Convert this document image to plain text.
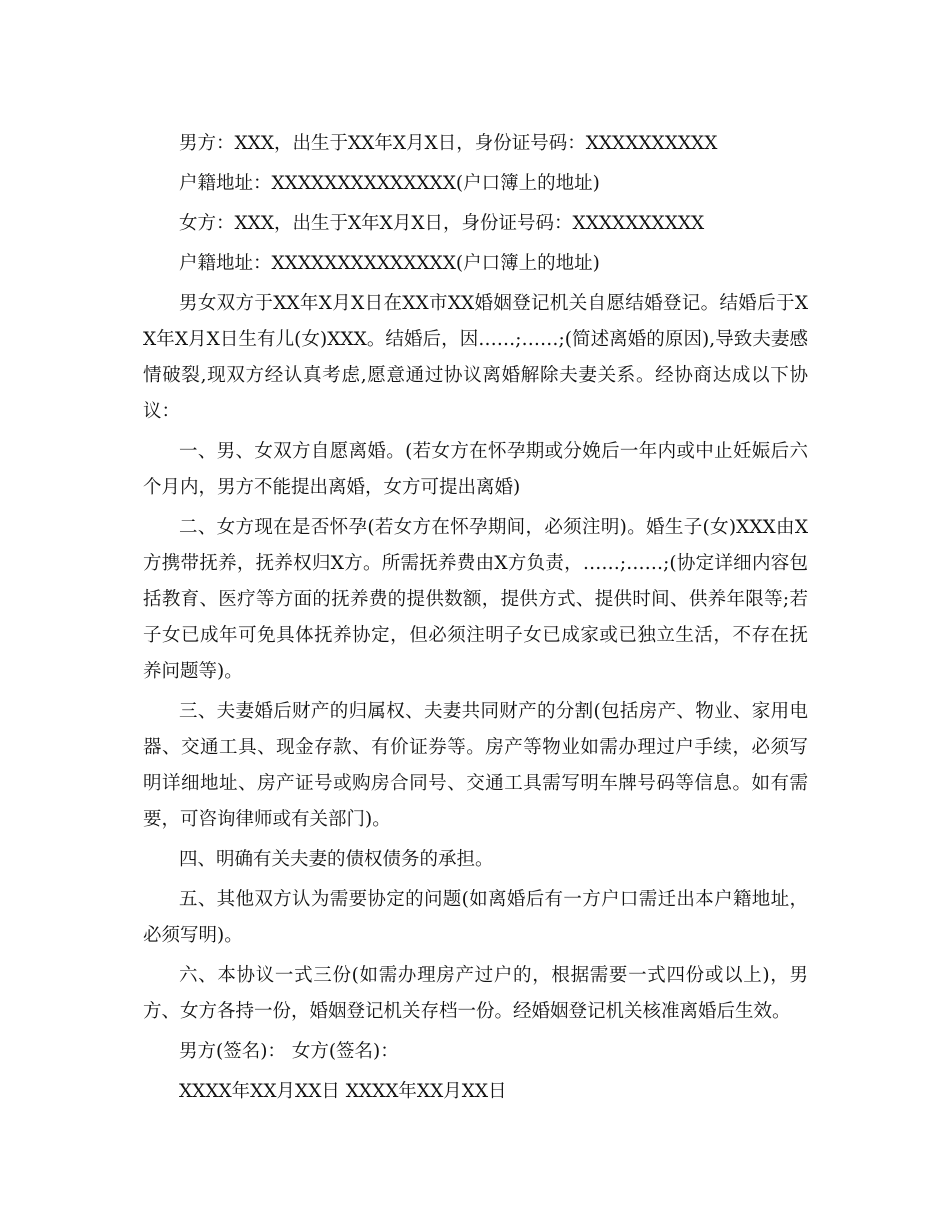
男方：XXX，出生于XX年X月X日，身份证号码：XXXXXXXXXX

户籍地址：XXXXXXXXXXXXXX(户口簿上的地址)

女方：XXX，出生于X年X月X日，身份证号码：XXXXXXXXXX

户籍地址：XXXXXXXXXXXXXX(户口簿上的地址)

男女双方于XX年X月X日在XX市XX婚姻登记机关自愿结婚登记。结婚后于XX年X月X日生有儿(女)XXX。结婚后，因……;……;(简述离婚的原因),导致夫妻感情破裂,现双方经认真考虑,愿意通过协议离婚解除夫妻关系。经协商达成以下协议：

一、男、女双方自愿离婚。(若女方在怀孕期或分娩后一年内或中止妊娠后六个月内，男方不能提出离婚，女方可提出离婚)

二、女方现在是否怀孕(若女方在怀孕期间，必须注明)。婚生子(女)XXX由X方携带抚养，抚养权归X方。所需抚养费由X方负责，……;……;(协定详细内容包括教育、医疗等方面的抚养费的提供数额，提供方式、提供时间、供养年限等;若子女已成年可免具体抚养协定，但必须注明子女已成家或已独立生活，不存在抚养问题等)。

三、夫妻婚后财产的归属权、夫妻共同财产的分割(包括房产、物业、家用电器、交通工具、现金存款、有价证券等。房产等物业如需办理过户手续，必须写明详细地址、房产证号或购房合同号、交通工具需写明车牌号码等信息。如有需要，可咨询律师或有关部门)。

四、明确有关夫妻的债权债务的承担。

五、其他双方认为需要协定的问题(如离婚后有一方户口需迁出本户籍地址，必须写明)。

六、本协议一式三份(如需办理房产过户的，根据需要一式四份或以上)，男方、女方各持一份，婚姻登记机关存档一份。经婚姻登记机关核准离婚后生效。

男方(签名)： 女方(签名)：

XXXX年XX月XX日 XXXX年XX月XX日
